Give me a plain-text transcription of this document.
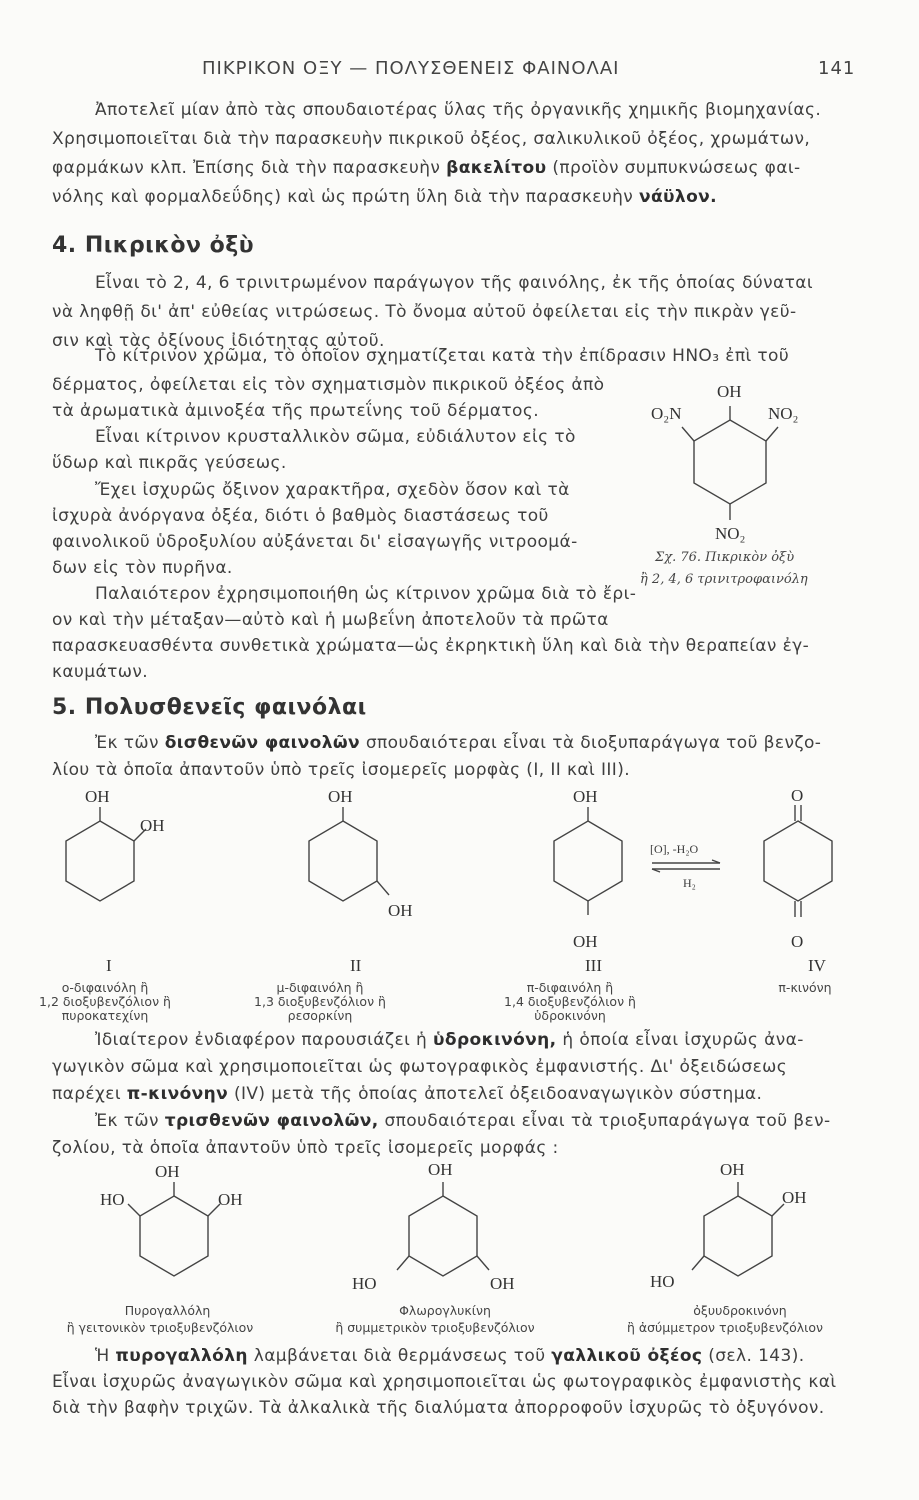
ΠΙΚΡΙΚΟΝ ΟΞΥ — ΠΟΛΥΣΘΕΝΕΙΣ ΦΑΙΝΟΛΑΙ	141
Ἀποτελεῖ μίαν ἀπὸ τὰς σπουδαιοτέρας ὕλας τῆς ὀργανικῆς χημικῆς βιομηχανίας.
Χρησιμοποιεῖται διὰ τὴν παρασκευὴν πικρικοῦ ὀξέος, σαλικυλικοῦ ὀξέος, χρωμάτων,
φαρμάκων κλπ. Ἐπίσης διὰ τὴν παρασκευὴν βακελίτου (προϊὸν συμπυκνώσεως φαι-
νόλης καὶ φορμαλδεΰδης) καὶ ὡς πρώτη ὕλη διὰ τὴν παρασκευὴν νάϋλον.
4. Πικρικὸν ὀξὺ
Εἶναι τὸ 2, 4, 6 τρινιτρωμένον παράγωγον τῆς φαινόλης, ἐκ τῆς ὁποίας δύναται
νὰ ληφθῇ δι' ἀπ' εὐθείας νιτρώσεως. Τὸ ὄνομα αὐτοῦ ὀφείλεται εἰς τὴν πικρὰν γεῦ-
σιν καὶ τὰς ὀξίνους ἰδιότητας αὐτοῦ.
Τὸ κίτρινον χρῶμα, τὸ ὁποῖον σχηματίζεται κατὰ τὴν ἐπίδρασιν HNO₃ ἐπὶ τοῦ
δέρματος, ὀφείλεται εἰς τὸν σχηματισμὸν πικρικοῦ ὀξέος ἀπὸ
τὰ ἀρωματικὰ ἀμινοξέα τῆς πρωτεΐνης τοῦ δέρματος.
Εἶναι κίτρινον κρυσταλλικὸν σῶμα, εὐδιάλυτον εἰς τὸ
ὕδωρ καὶ πικρᾶς γεύσεως.
Ἔχει ἰσχυρῶς ὄξινον χαρακτῆρα, σχεδὸν ὅσον καὶ τὰ
ἰσχυρὰ ἀνόργανα ὀξέα, διότι ὁ βαθμὸς διαστάσεως τοῦ
φαινολικοῦ ὑδροξυλίου αὐξάνεται δι' εἰσαγωγῆς νιτροομά-
δων εἰς τὸν πυρῆνα.
Παλαιότερον ἐχρησιμοποιήθη ὡς κίτρινον χρῶμα διὰ τὸ ἔρι-
ον καὶ τὴν μέταξαν—αὐτὸ καὶ ἡ μωβεΐνη ἀποτελοῦν τὰ πρῶτα
παρασκευασθέντα συνθετικὰ χρώματα—ὡς ἐκρηκτικὴ ὕλη καὶ διὰ τὴν θεραπείαν ἐγ-
καυμάτων.
OH
O₂N	NO₂
NO₂
Σχ. 76. Πικρικὸν ὀξὺ
ἢ 2, 4, 6 τρινιτροφαινόλη
5. Πολυσθενεῖς φαινόλαι
Ἐκ τῶν δισθενῶν φαινολῶν σπουδαιότεραι εἶναι τὰ διοξυπαράγωγα τοῦ βενζο-
λίου τὰ ὁποῖα ἀπαντοῦν ὑπὸ τρεῖς ἰσομερεῖς μορφὰς (I, II καὶ III).
OH
OH
I
ο-διφαινόλη ἢ
1,2 διοξυβενζόλιον ἢ
πυροκατεχίνη
OH
OH
II
μ-διφαινόλη ἢ
1,3 διοξυβενζόλιον ἢ
ρεσορκίνη
OH
OH
III
π-διφαινόλη ἢ
1,4 διοξυβενζόλιον ἢ
ὑδροκινόνη
[O], -H₂O
H₂
O
O
IV
π-κινόνη
Ἰδιαίτερον ἐνδιαφέρον παρουσιάζει ἡ ὑδροκινόνη, ἡ ὁποία εἶναι ἰσχυρῶς ἀνα-
γωγικὸν σῶμα καὶ χρησιμοποιεῖται ὡς φωτογραφικὸς ἐμφανιστής. Δι' ὀξειδώσεως
παρέχει π-κινόνην (IV) μετὰ τῆς ὁποίας ἀποτελεῖ ὀξειδοαναγωγικὸν σύστημα.
Ἐκ τῶν τρισθενῶν φαινολῶν, σπουδαιότεραι εἶναι τὰ τριοξυπαράγωγα τοῦ βεν-
ζολίου, τὰ ὁποῖα ἀπαντοῦν ὑπὸ τρεῖς ἰσομερεῖς μορφάς :
OH
HO	OH
Πυρογαλλόλη
ἢ γειτονικὸν τριοξυβενζόλιον
OH
HO	OH
Φλωρογλυκίνη
ἢ συμμετρικὸν τριοξυβενζόλιον
OH
OH
HO
ὀξυυδροκινόνη
ἢ ἀσύμμετρον τριοξυβενζόλιον
Ἡ πυρογαλλόλη λαμβάνεται διὰ θερμάνσεως τοῦ γαλλικοῦ ὀξέος (σελ. 143).
Εἶναι ἰσχυρῶς ἀναγωγικὸν σῶμα καὶ χρησιμοποιεῖται ὡς φωτογραφικὸς ἐμφανιστὴς καὶ
διὰ τὴν βαφὴν τριχῶν. Τὰ ἀλκαλικὰ τῆς διαλύματα ἀπορροφοῦν ἰσχυρῶς τὸ ὀξυγόνον.
